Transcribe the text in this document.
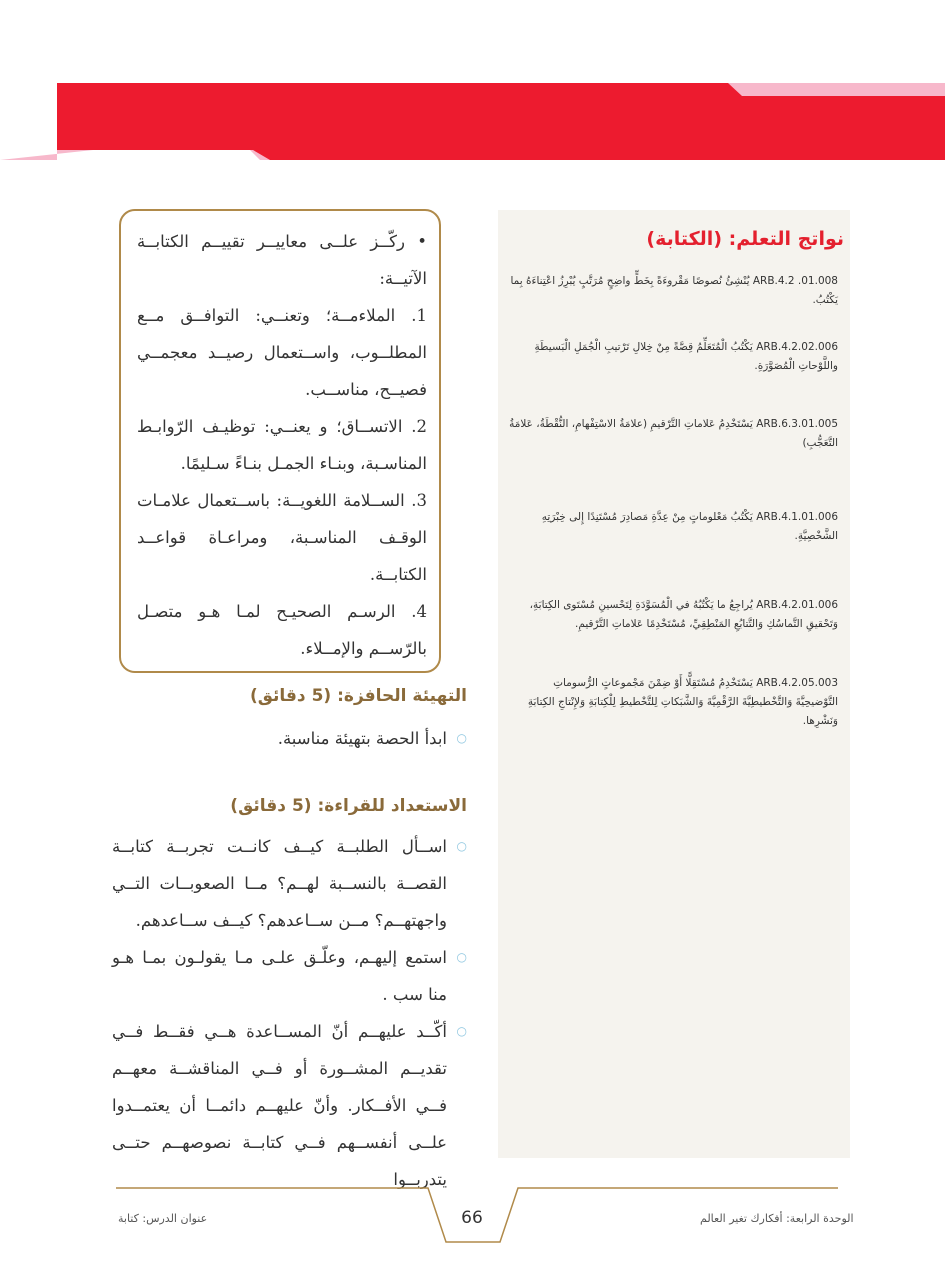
نواتج التعلم: (الكتابة)
ARB.4.2 .01.008 يُنْشِئُ نُصوصًا مَقْروءَةً بِخَطٍّ واضِحٍ مُرَتَّبٍ يُبْرِزُ اعْتِناءَهُ بِما يَكْتُبُ.
ARB.4.2.02.006 يَكْتُبُ الْمُتَعَلِّمُ قِصَّةً مِنْ خِلالِ تَرْتيبِ الْجُمَلِ الْبَسيطَةِ واللَّوْحاتِ الْمُصَوَّرَةِ.
ARB.6.3.01.005 يَسْتَخْدِمُ عَلاماتِ التَّرْقيمِ (علامَةُ الاسْتِفْهامِ، النُّقْطَةُ، عَلامَةُ التَّعَجُّبِ)
ARB.4.1.01.006 يَكْتُبُ مَعْلوماتٍ مِنْ عِدَّةِ مَصادِرَ مُسْتَنِدًا إِلى خِبْرَتِهِ الشَّخْصِيَّةِ.
ARB.4.2.01.006 يُراجِعُ ما يَكْتُبُهُ في الْمُسَوَّدَةِ لِتَحْسينِ مُسْتَوى الكِتابَةِ، وَتَحْقيقِ التَّماسُكِ وَالتَّتابُعِ المَنْطِقِيِّ، مُسْتَخْدِمًا عَلاماتِ التَّرْقيمِ.
ARB.4.2.05.003 يَسْتَخْدِمُ مُسْتَقِلًّا أَوْ ضِمْنَ مَجْموعاتٍ الرُّسوماتِ التَّوْضيحِيَّةَ وَالتَّخْطيطِيَّةَ الرَّقْمِيَّةَ وَالشَّبَكاتِ لِلتَّخْطيطِ لِلْكِتابَةِ وَلإِنْتاجِ الكِتابَةِ وَنَشْرِها.

• ركّــز علــى معاييــر تقييــم الكتابــة الآتيــة:

1. الملاءمــة؛ وتعنــي: التوافــق مــع المطلــوب، واســتعمال رصيــد معجمــي فصيــح، مناســب.

2. الاتســاق؛ و يعنــي: توظيـف الرّوابـط المناسـبة، وبنـاء الجمـل بنـاءً سـليمًا.

3. الســلامة اللغويــة: باســتعمال علامـات الوقـف المناسـبة، ومراعـاة قواعــد الكتابــة.

4. الرسـم الصحيـح لمـا هـو متصـل بالرّســم والإمــلاء.

التهيئة الحافزة: (5 دقائق)

○
ابدأ الحصة بتهيئة مناسبة.

الاستعداد للقراءة: (5 دقائق)

○
اســأل الطلبــة كيــف كانــت تجربــة كتابــة القصــة بالنســبة لهــم؟ مــا الصعوبــات التــي واجهتهــم؟ مــن ســاعدهم؟ كيــف ســاعدهم.

○
استمع إليهـم، وعلّـق علـى مـا يقولـون بمـا هـو منا سب .

○
أكّــد عليهــم أنّ المســاعدة هــي فقــط فــي تقديــم المشــورة أو فــي المناقشــة معهــم فــي الأفــكار. وأنّ عليهــم دائمــا أن يعتمــدوا علــى أنفســهم فــي كتابــة نصوصهــم حتــى يتدربــوا

الوحدة الرابعة: أفكارك تغير العالم
66
عنوان الدرس: كتابة
